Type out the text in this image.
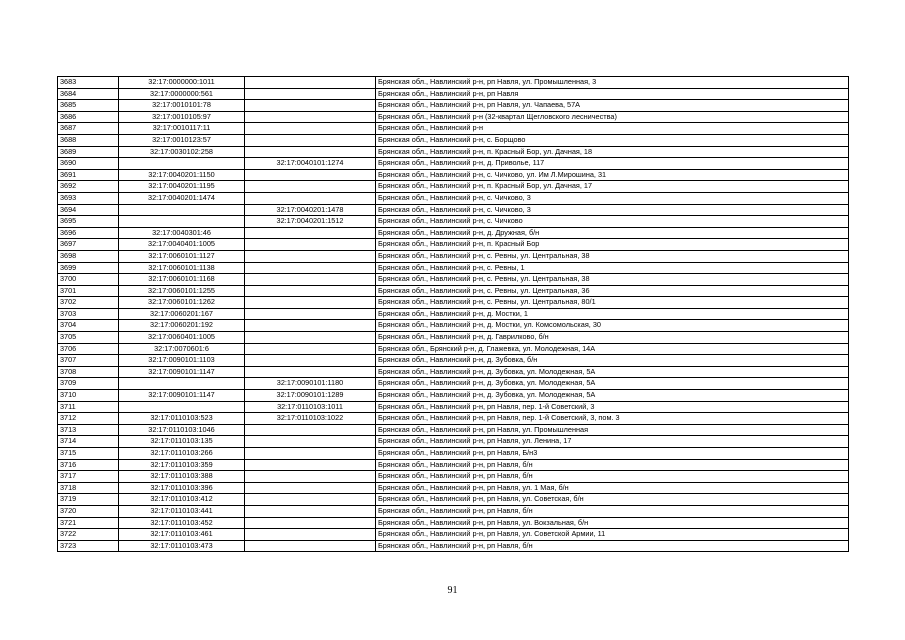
3683	32:17:0000000:1011		Брянская обл., Навлинский р-н, рп Навля, ул. Промышленная, 3
3684	32:17:0000000:561		Брянская обл., Навлинский р-н, рп Навля
3685	32:17:0010101:78		Брянская обл., Навлинский р-н, рп Навля, ул. Чапаева, 57А
3686	32:17:0010105:97		Брянская обл., Навлинский р-н (32-квартал Щегловского лесничества)
3687	32:17:0010117:11		Брянская обл., Навлинский р-н
3688	32:17:0010123:57		Брянская обл., Навлинский р-н, с. Борщово
3689	32:17:0030102:258		Брянская обл., Навлинский р-н, п. Красный Бор, ул. Дачная, 18
3690		32:17:0040101:1274	Брянская обл., Навлинский р-н, д. Приволье, 117
3691	32:17:0040201:1150		Брянская обл., Навлинский р-н, с. Чичково, ул. Им Л.Мирошина, 31
3692	32:17:0040201:1195		Брянская обл., Навлинский р-н, п. Красный Бор, ул. Дачная, 17
3693	32:17:0040201:1474		Брянская обл., Навлинский р-н, с. Чичково, 3
3694		32:17:0040201:1478	Брянская обл., Навлинский р-н, с. Чичково, 3
3695		32:17:0040201:1512	Брянская обл., Навлинский р-н, с. Чичково
3696	32:17:0040301:46		Брянская обл., Навлинский р-н, д. Дружная, б/н
3697	32:17:0040401:1005		Брянская обл., Навлинский р-н, п. Красный Бор
3698	32:17:0060101:1127		Брянская обл., Навлинский р-н, с. Ревны, ул. Центральная, 38
3699	32:17:0060101:1138		Брянская обл., Навлинский р-н, с. Ревны, 1
3700	32:17:0060101:1168		Брянская обл., Навлинский р-н, с. Ревны, ул. Центральная, 38
3701	32:17:0060101:1255		Брянская обл., Навлинский р-н, с. Ревны, ул. Центральная, 36
3702	32:17:0060101:1262		Брянская обл., Навлинский р-н, с. Ревны, ул. Центральная, 80/1
3703	32:17:0060201:167		Брянская обл., Навлинский р-н, д. Мостки, 1
3704	32:17:0060201:192		Брянская обл., Навлинский р-н, д. Мостки, ул. Комсомольская, 30
3705	32:17:0060401:1005		Брянская обл., Навлинский р-н, д. Гаврилково, б/н
3706	32:17:0070601:6		Брянская обл., Брянский р-н, д. Глажевка, ул. Молодежная, 14А
3707	32:17:0090101:1103		Брянская обл., Навлинский р-н, д. Зубовка, б/н
3708	32:17:0090101:1147		Брянская обл., Навлинский р-н, д. Зубовка, ул. Молодежная, 5А
3709		32:17:0090101:1180	Брянская обл., Навлинский р-н, д. Зубовка, ул. Молодежная, 5А
3710	32:17:0090101:1147	32:17:0090101:1289	Брянская обл., Навлинский р-н, д. Зубовка, ул. Молодежная, 5А
3711		32:17:0110103:1011	Брянская обл., Навлинский р-н, рп Навля, пер. 1-й Советский, 3
3712	32:17:0110103:523	32:17:0110103:1022	Брянская обл., Навлинский р-н, рп Навля, пер. 1-й Советский, 3, пом. 3
3713	32:17:0110103:1046		Брянская обл., Навлинский р-н, рп Навля, ул. Промышленная
3714	32:17:0110103:135		Брянская обл., Навлинский р-н, рп Навля, ул. Ленина, 17
3715	32:17:0110103:266		Брянская обл., Навлинский р-н, рп Навля, Б/н3
3716	32:17:0110103:359		Брянская обл., Навлинский р-н, рп Навля, б/н
3717	32:17:0110103:388		Брянская обл., Навлинский р-н, рп Навля, б/н
3718	32:17:0110103:396		Брянская обл., Навлинский р-н, рп Навля, ул. 1 Мая, б/н
3719	32:17:0110103:412		Брянская обл., Навлинский р-н, рп Навля, ул. Советская, б/н
3720	32:17:0110103:441		Брянская обл., Навлинский р-н, рп Навля, б/н
3721	32:17:0110103:452		Брянская обл., Навлинский р-н, рп Навля, ул. Вокзальная, б/н
3722	32:17:0110103:461		Брянская обл., Навлинский р-н, рп Навля, ул. Советской Армии, 11
3723	32:17:0110103:473		Брянская обл., Навлинский р-н, рп Навля, б/н
91
